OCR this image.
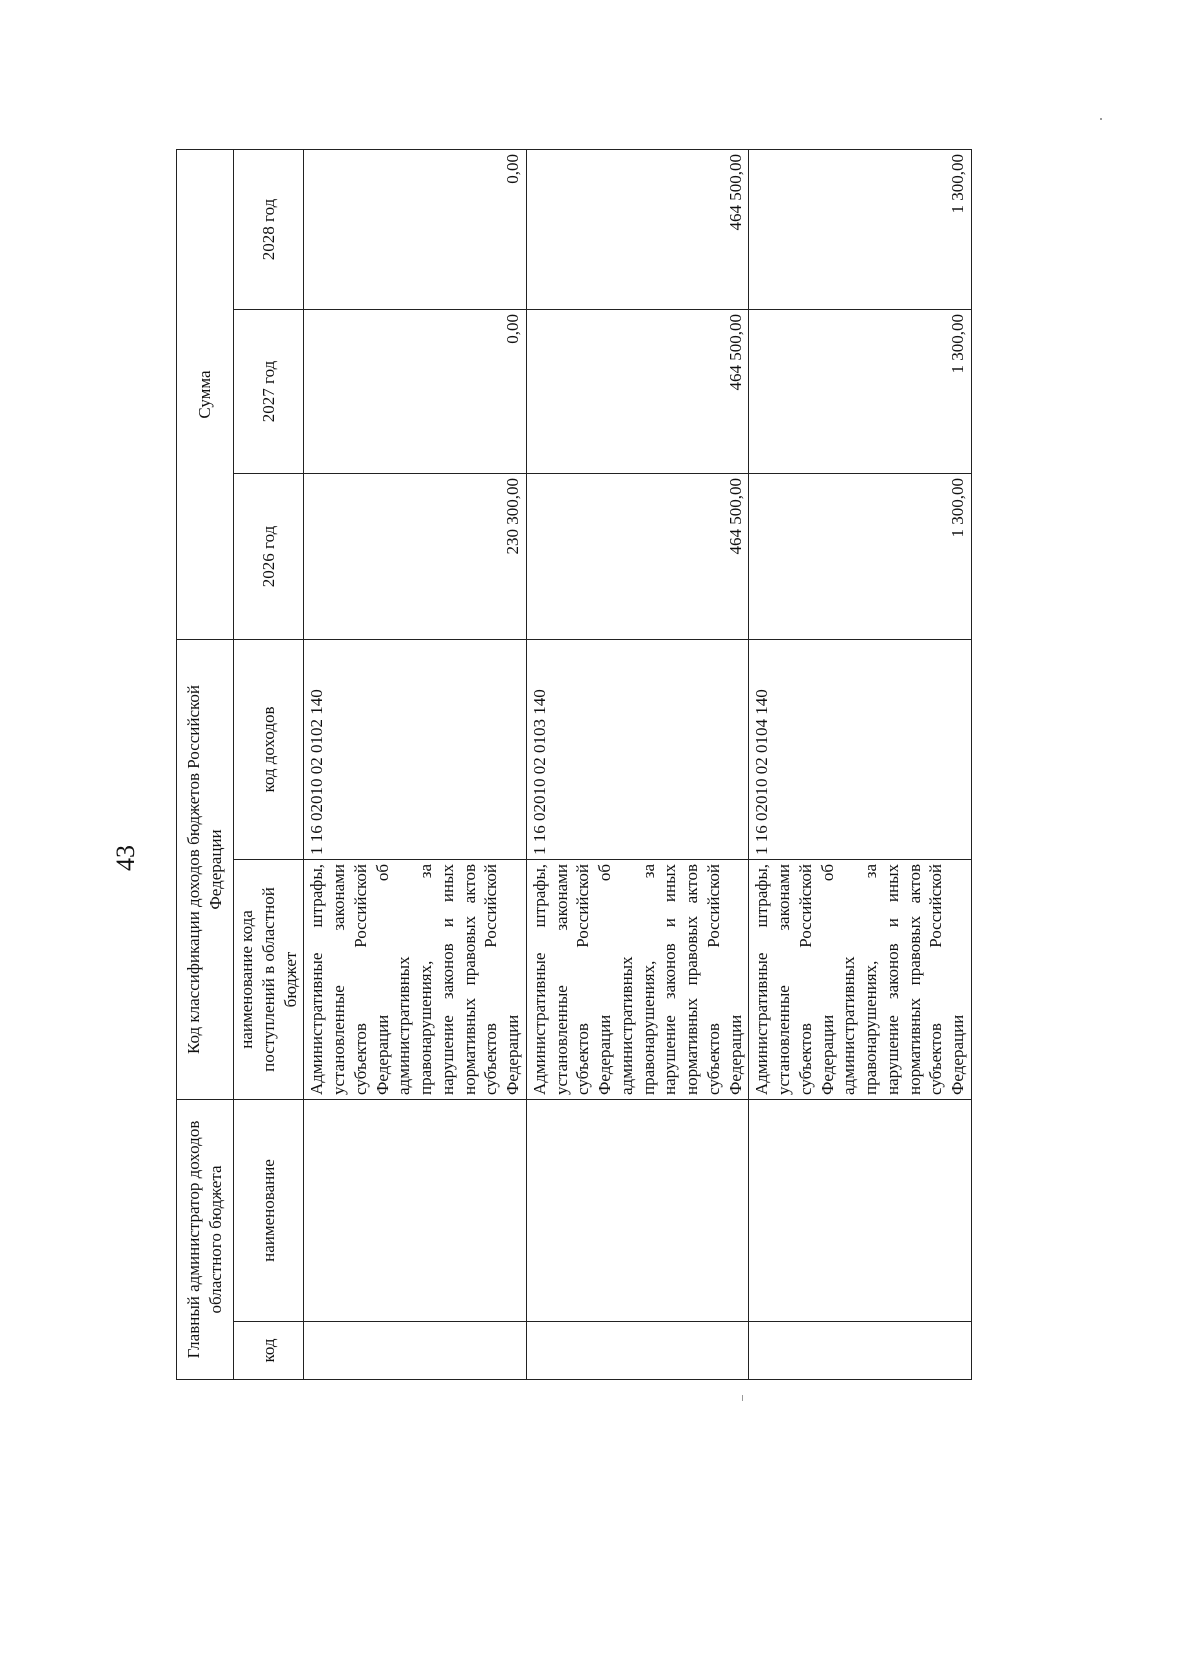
43
Главный администратор доходов областного бюджета		Код классификации доходов бюджетов Российской Федерации		Сумма		
код	наименование	наименование кода поступлений в областной бюджет	код доходов	2026 год	2027 год	2028 год
		Административные штрафы, установленные законами субъектов Российской Федерации об административных правонарушениях, за нарушение законов и иных нормативных правовых актов субъектов Российской Федерации	1 16 02010 02 0102 140	230 300,00	0,00	0,00
		Административные штрафы, установленные законами субъектов Российской Федерации об административных правонарушениях, за нарушение законов и иных нормативных правовых актов субъектов Российской Федерации	1 16 02010 02 0103 140	464 500,00	464 500,00	464 500,00
		Административные штрафы, установленные законами субъектов Российской Федерации об административных правонарушениях, за нарушение законов и иных нормативных правовых актов субъектов Российской Федерации	1 16 02010 02 0104 140	1 300,00	1 300,00	1 300,00
